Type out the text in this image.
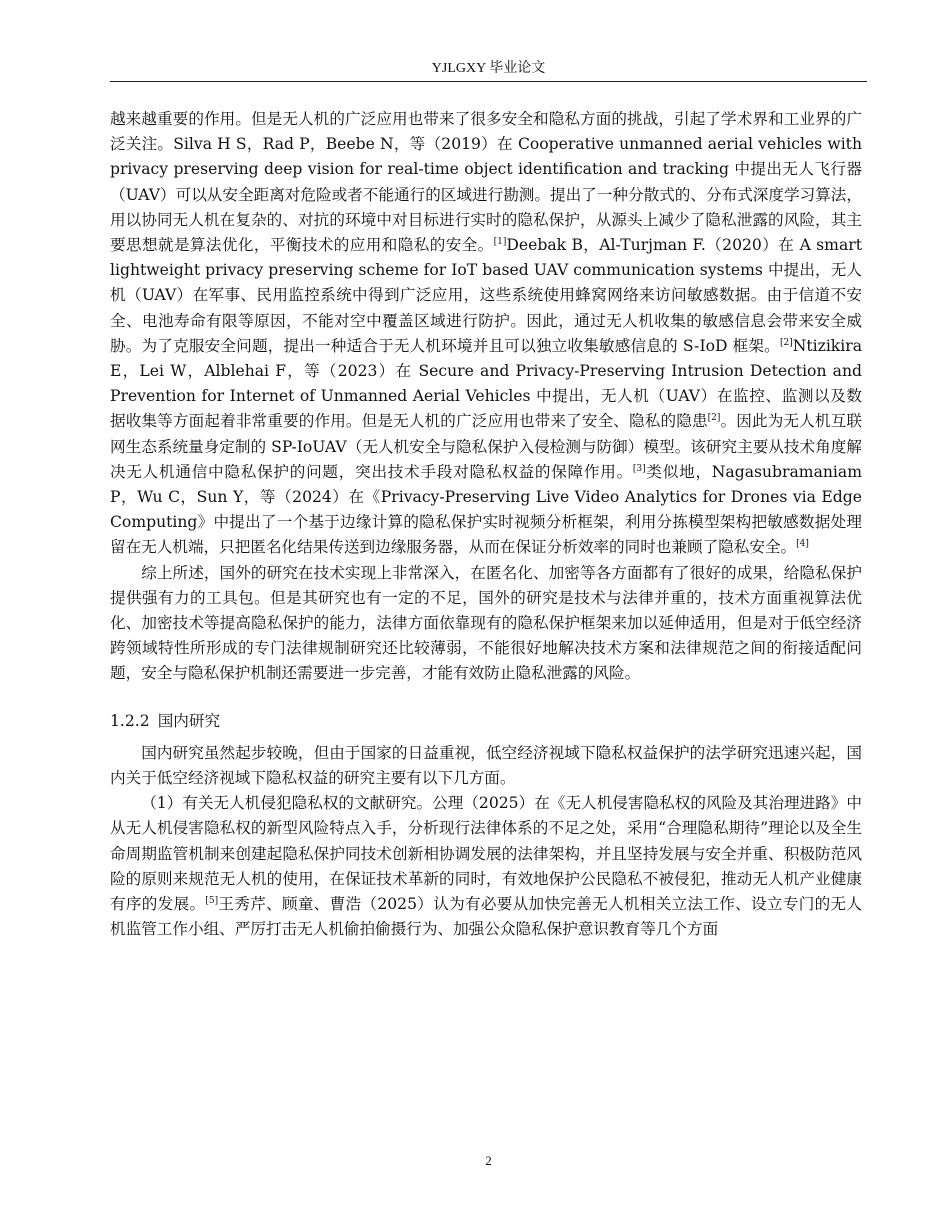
YJLGXY 毕业论文

越来越重要的作用。但是无人机的广泛应用也带来了很多安全和隐私方面的挑战，引起了学术界和工业界的广泛关注。Silva H S，Rad P，Beebe N，等（2019）在 Cooperative unmanned aerial vehicles with privacy preserving deep vision for real-time object identification and tracking 中提出无人飞行器（UAV）可以从安全距离对危险或者不能通行的区域进行勘测。提出了一种分散式的、分布式深度学习算法，用以协同无人机在复杂的、对抗的环境中对目标进行实时的隐私保护，从源头上减少了隐私泄露的风险，其主要思想就是算法优化，平衡技术的应用和隐私的安全。[1]Deebak B，Al-Turjman F.（2020）在 A smart lightweight privacy preserving scheme for IoT based UAV communication systems 中提出，无人机（UAV）在军事、民用监控系统中得到广泛应用，这些系统使用蜂窝网络来访问敏感数据。由于信道不安全、电池寿命有限等原因，不能对空中覆盖区域进行防护。因此，通过无人机收集的敏感信息会带来安全威胁。为了克服安全问题，提出一种适合于无人机环境并且可以独立收集敏感信息的 S-IoD 框架。[2]Ntizikira E，Lei W，Alblehai F，等（2023）在 Secure and Privacy-Preserving Intrusion Detection and Prevention for Internet of Unmanned Aerial Vehicles 中提出，无人机（UAV）在监控、监测以及数据收集等方面起着非常重要的作用。但是无人机的广泛应用也带来了安全、隐私的隐患[2]。因此为无人机互联网生态系统量身定制的 SP-IoUAV（无人机安全与隐私保护入侵检测与防御）模型。该研究主要从技术角度解决无人机通信中隐私保护的问题，突出技术手段对隐私权益的保障作用。[3]类似地，Nagasubramaniam P，Wu C，Sun Y，等（2024）在《Privacy-Preserving Live Video Analytics for Drones via Edge Computing》中提出了一个基于边缘计算的隐私保护实时视频分析框架，利用分拣模型架构把敏感数据处理留在无人机端，只把匿名化结果传送到边缘服务器，从而在保证分析效率的同时也兼顾了隐私安全。[4]

综上所述，国外的研究在技术实现上非常深入，在匿名化、加密等各方面都有了很好的成果，给隐私保护提供强有力的工具包。但是其研究也有一定的不足，国外的研究是技术与法律并重的，技术方面重视算法优化、加密技术等提高隐私保护的能力，法律方面依靠现有的隐私保护框架来加以延伸适用，但是对于低空经济跨领域特性所形成的专门法律规制研究还比较薄弱，不能很好地解决技术方案和法律规范之间的衔接适配问题，安全与隐私保护机制还需要进一步完善，才能有效防止隐私泄露的风险。

1.2.2 国内研究

国内研究虽然起步较晚，但由于国家的日益重视，低空经济视域下隐私权益保护的法学研究迅速兴起，国内关于低空经济视域下隐私权益的研究主要有以下几方面。

（1）有关无人机侵犯隐私权的文献研究。公理（2025）在《无人机侵害隐私权的风险及其治理进路》中从无人机侵害隐私权的新型风险特点入手，分析现行法律体系的不足之处，采用“合理隐私期待”理论以及全生命周期监管机制来创建起隐私保护同技术创新相协调发展的法律架构，并且坚持发展与安全并重、积极防范风险的原则来规范无人机的使用，在保证技术革新的同时，有效地保护公民隐私不被侵犯，推动无人机产业健康有序的发展。[5]王秀芹、顾童、曹浩（2025）认为有必要从加快完善无人机相关立法工作、设立专门的无人机监管工作小组、严厉打击无人机偷拍偷摄行为、加强公众隐私保护意识教育等几个方面

2
